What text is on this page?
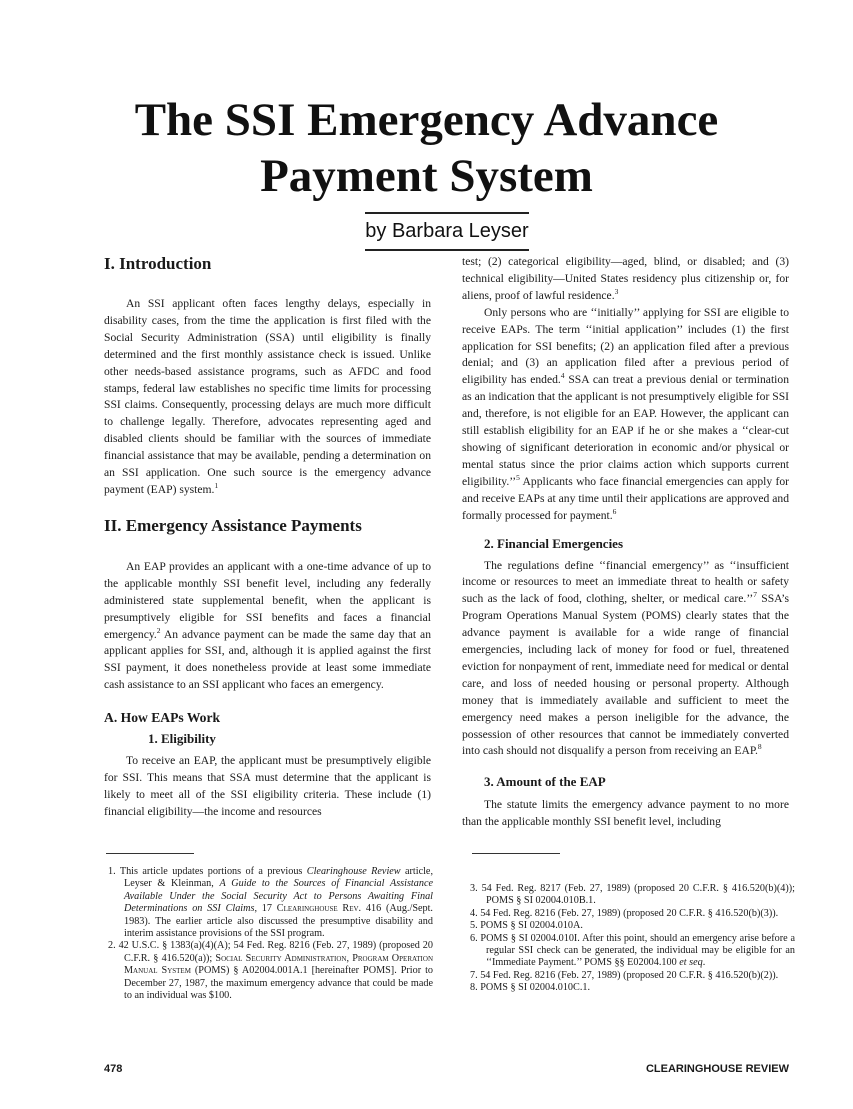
The SSI Emergency Advance
Payment System
by Barbara Leyser
I. Introduction

An SSI applicant often faces lengthy delays, especially in disability cases, from the time the application is first filed with the Social Security Administration (SSA) until eligibility is finally determined and the first monthly assistance check is issued. Unlike other needs-based assistance programs, such as AFDC and food stamps, federal law establishes no specific time limits for processing SSI claims. Consequently, processing delays are much more difficult to challenge legally. Therefore, advocates representing aged and disabled clients should be familiar with the sources of immediate financial assistance that may be available, pending a determination on an SSI application. One such source is the emergency advance payment (EAP) system.$^1$

II. Emergency Assistance Payments

An EAP provides an applicant with a one-time advance of up to the applicable monthly SSI benefit level, including any federally administered state supplemental benefit, when the applicant is presumptively eligible for SSI benefits and faces a financial emergency.$^2$ An advance payment can be made the same day that an applicant applies for SSI, and, although it is applied against the first SSI payment, it does nonetheless provide at least some immediate cash assistance to an SSI applicant who faces an emergency.

A. How EAPs Work
1. Eligibility

To receive an EAP, the applicant must be presumptively eligible for SSI. This means that SSA must determine that the applicant is likely to meet all of the SSI eligibility criteria. These include (1) financial eligibility—the income and resources

test; (2) categorical eligibility—aged, blind, or disabled; and (3) technical eligibility—United States residency plus citizenship or, for aliens, proof of lawful residence.$^3$

Only persons who are ‘‘initially’’ applying for SSI are eligible to receive EAPs. The term ‘‘initial application’’ includes (1) the first application for SSI benefits; (2) an application filed after a previous denial; and (3) an application filed after a previous period of eligibility has ended.$^4$ SSA can treat a previous denial or termination as an indication that the applicant is not presumptively eligible for SSI and, therefore, is not eligible for an EAP. However, the applicant can still establish eligibility for an EAP if he or she makes a ‘‘clear-cut showing of significant deterioration in economic and/or physical or mental status since the prior claims action which supports current eligibility.’’$^5$ Applicants who face financial emergencies can apply for and receive EAPs at any time until their applications are approved and formally processed for payment.$^6$

2. Financial Emergencies

The regulations define ‘‘financial emergency’’ as ‘‘insufficient income or resources to meet an immediate threat to health or safety such as the lack of food, clothing, shelter, or medical care.’’$^7$ SSA’s Program Operations Manual System (POMS) clearly states that the advance payment is available for a wide range of financial emergencies, including lack of money for food or fuel, threatened eviction for nonpayment of rent, immediate need for medical or dental care, and loss of needed housing or personal property. Although money that is immediately available and sufficient to meet the emergency need makes a person ineligible for the advance, the possession of other resources that cannot be immediately converted into cash should not disqualify a person from receiving an EAP.$^8$

3. Amount of the EAP

The statute limits the emergency advance payment to no more than the applicable monthly SSI benefit level, including

1. This article updates portions of a previous Clearinghouse Review article, Leyser & Kleinman, A Guide to the Sources of Financial Assistance Available Under the Social Security Act to Persons Awaiting Final Determinations on SSI Claims, 17 Clearinghouse Rev. 416 (Aug./Sept. 1983). The earlier article also discussed the presumptive disability and interim assistance provisions of the SSI program.
2. 42 U.S.C. § 1383(a)(4)(A); 54 Fed. Reg. 8216 (Feb. 27, 1989) (proposed 20 C.F.R. § 416.520(a)); Social Security Administration, Program Operation Manual System (POMS) § A02004.001A.1 [hereinafter POMS]. Prior to December 27, 1987, the maximum emergency advance that could be made to an individual was $100.
3. 54 Fed. Reg. 8217 (Feb. 27, 1989) (proposed 20 C.F.R. § 416.520(b)(4)); POMS § SI 02004.010B.1.
4. 54 Fed. Reg. 8216 (Feb. 27, 1989) (proposed 20 C.F.R. § 416.520(b)(3)).
5. POMS § SI 02004.010A.
6. POMS § SI 02004.010I. After this point, should an emergency arise before a regular SSI check can be generated, the individual may be eligible for an ‘‘Immediate Payment.’’ POMS §§ E02004.100 et seq.
7. 54 Fed. Reg. 8216 (Feb. 27, 1989) (proposed 20 C.F.R. § 416.520(b)(2)).
8. POMS § SI 02004.010C.1.
478	CLEARINGHOUSE REVIEW
